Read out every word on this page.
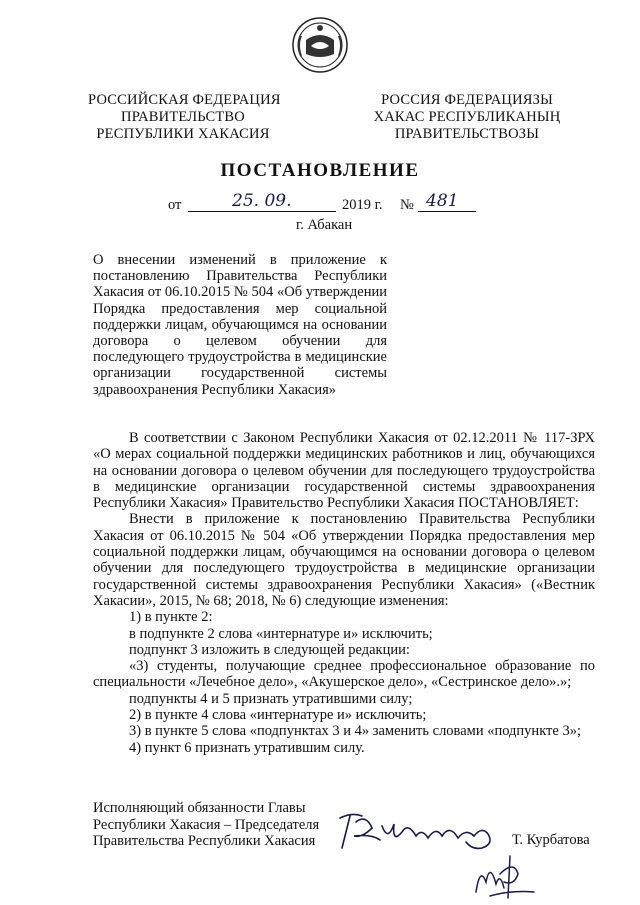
РОССИЙСКАЯ ФЕДЕРАЦИЯ
ПРАВИТЕЛЬСТВО
РЕСПУБЛИКИ ХАКАСИЯ
РОССИЯ ФЕДЕРАЦИЯЗЫ
ХАКАС РЕСПУБЛИКАНЫҢ
ПРАВИТЕЛЬСТВОЗЫ
ПОСТАНОВЛЕНИЕ
от	25. 09.	2019 г. № 481
г. Абакан
О внесении изменений в приложение к постановлению Правительства Республики Хакасия от 06.10.2015 № 504 «Об утверждении Порядка предоставления мер социальной поддержки лицам, обучающимся на основании договора о целевом обучении для последующего трудоустройства в медицинские организации государственной системы здравоохранения Республики Хакасия»

В соответствии с Законом Республики Хакасия от 02.12.2011 № 117-ЗРХ «О мерах социальной поддержки медицинских работников и лиц, обучающихся на основании договора о целевом обучении для последующего трудоустройства в медицинские организации государственной системы здравоохранения Республики Хакасия» Правительство Республики Хакасия ПОСТАНОВЛЯЕТ:

Внести в приложение к постановлению Правительства Республики Хакасия от 06.10.2015 № 504 «Об утверждении Порядка предоставления мер социальной поддержки лицам, обучающимся на основании договора о целевом обучении для последующего трудоустройства в медицинские организации государственной системы здравоохранения Республики Хакасия» («Вестник Хакасии», 2015, № 68; 2018, № 6) следующие изменения:

1) в пункте 2:

в подпункте 2 слова «интернатуре и» исключить;

подпункт 3 изложить в следующей редакции:

«3) студенты, получающие среднее профессиональное образование по специальности «Лечебное дело», «Акушерское дело», «Сестринское дело».»;

подпункты 4 и 5 признать утратившими силу;

2) в пункте 4 слова «интернатуре и» исключить;

3) в пункте 5 слова «подпунктах 3 и 4» заменить словами «подпункте 3»;

4) пункт 6 признать утратившим силу.

Исполняющий обязанности Главы
Республики Хакасия – Председателя
Правительства Республики Хакасия	Т. Курбатова
